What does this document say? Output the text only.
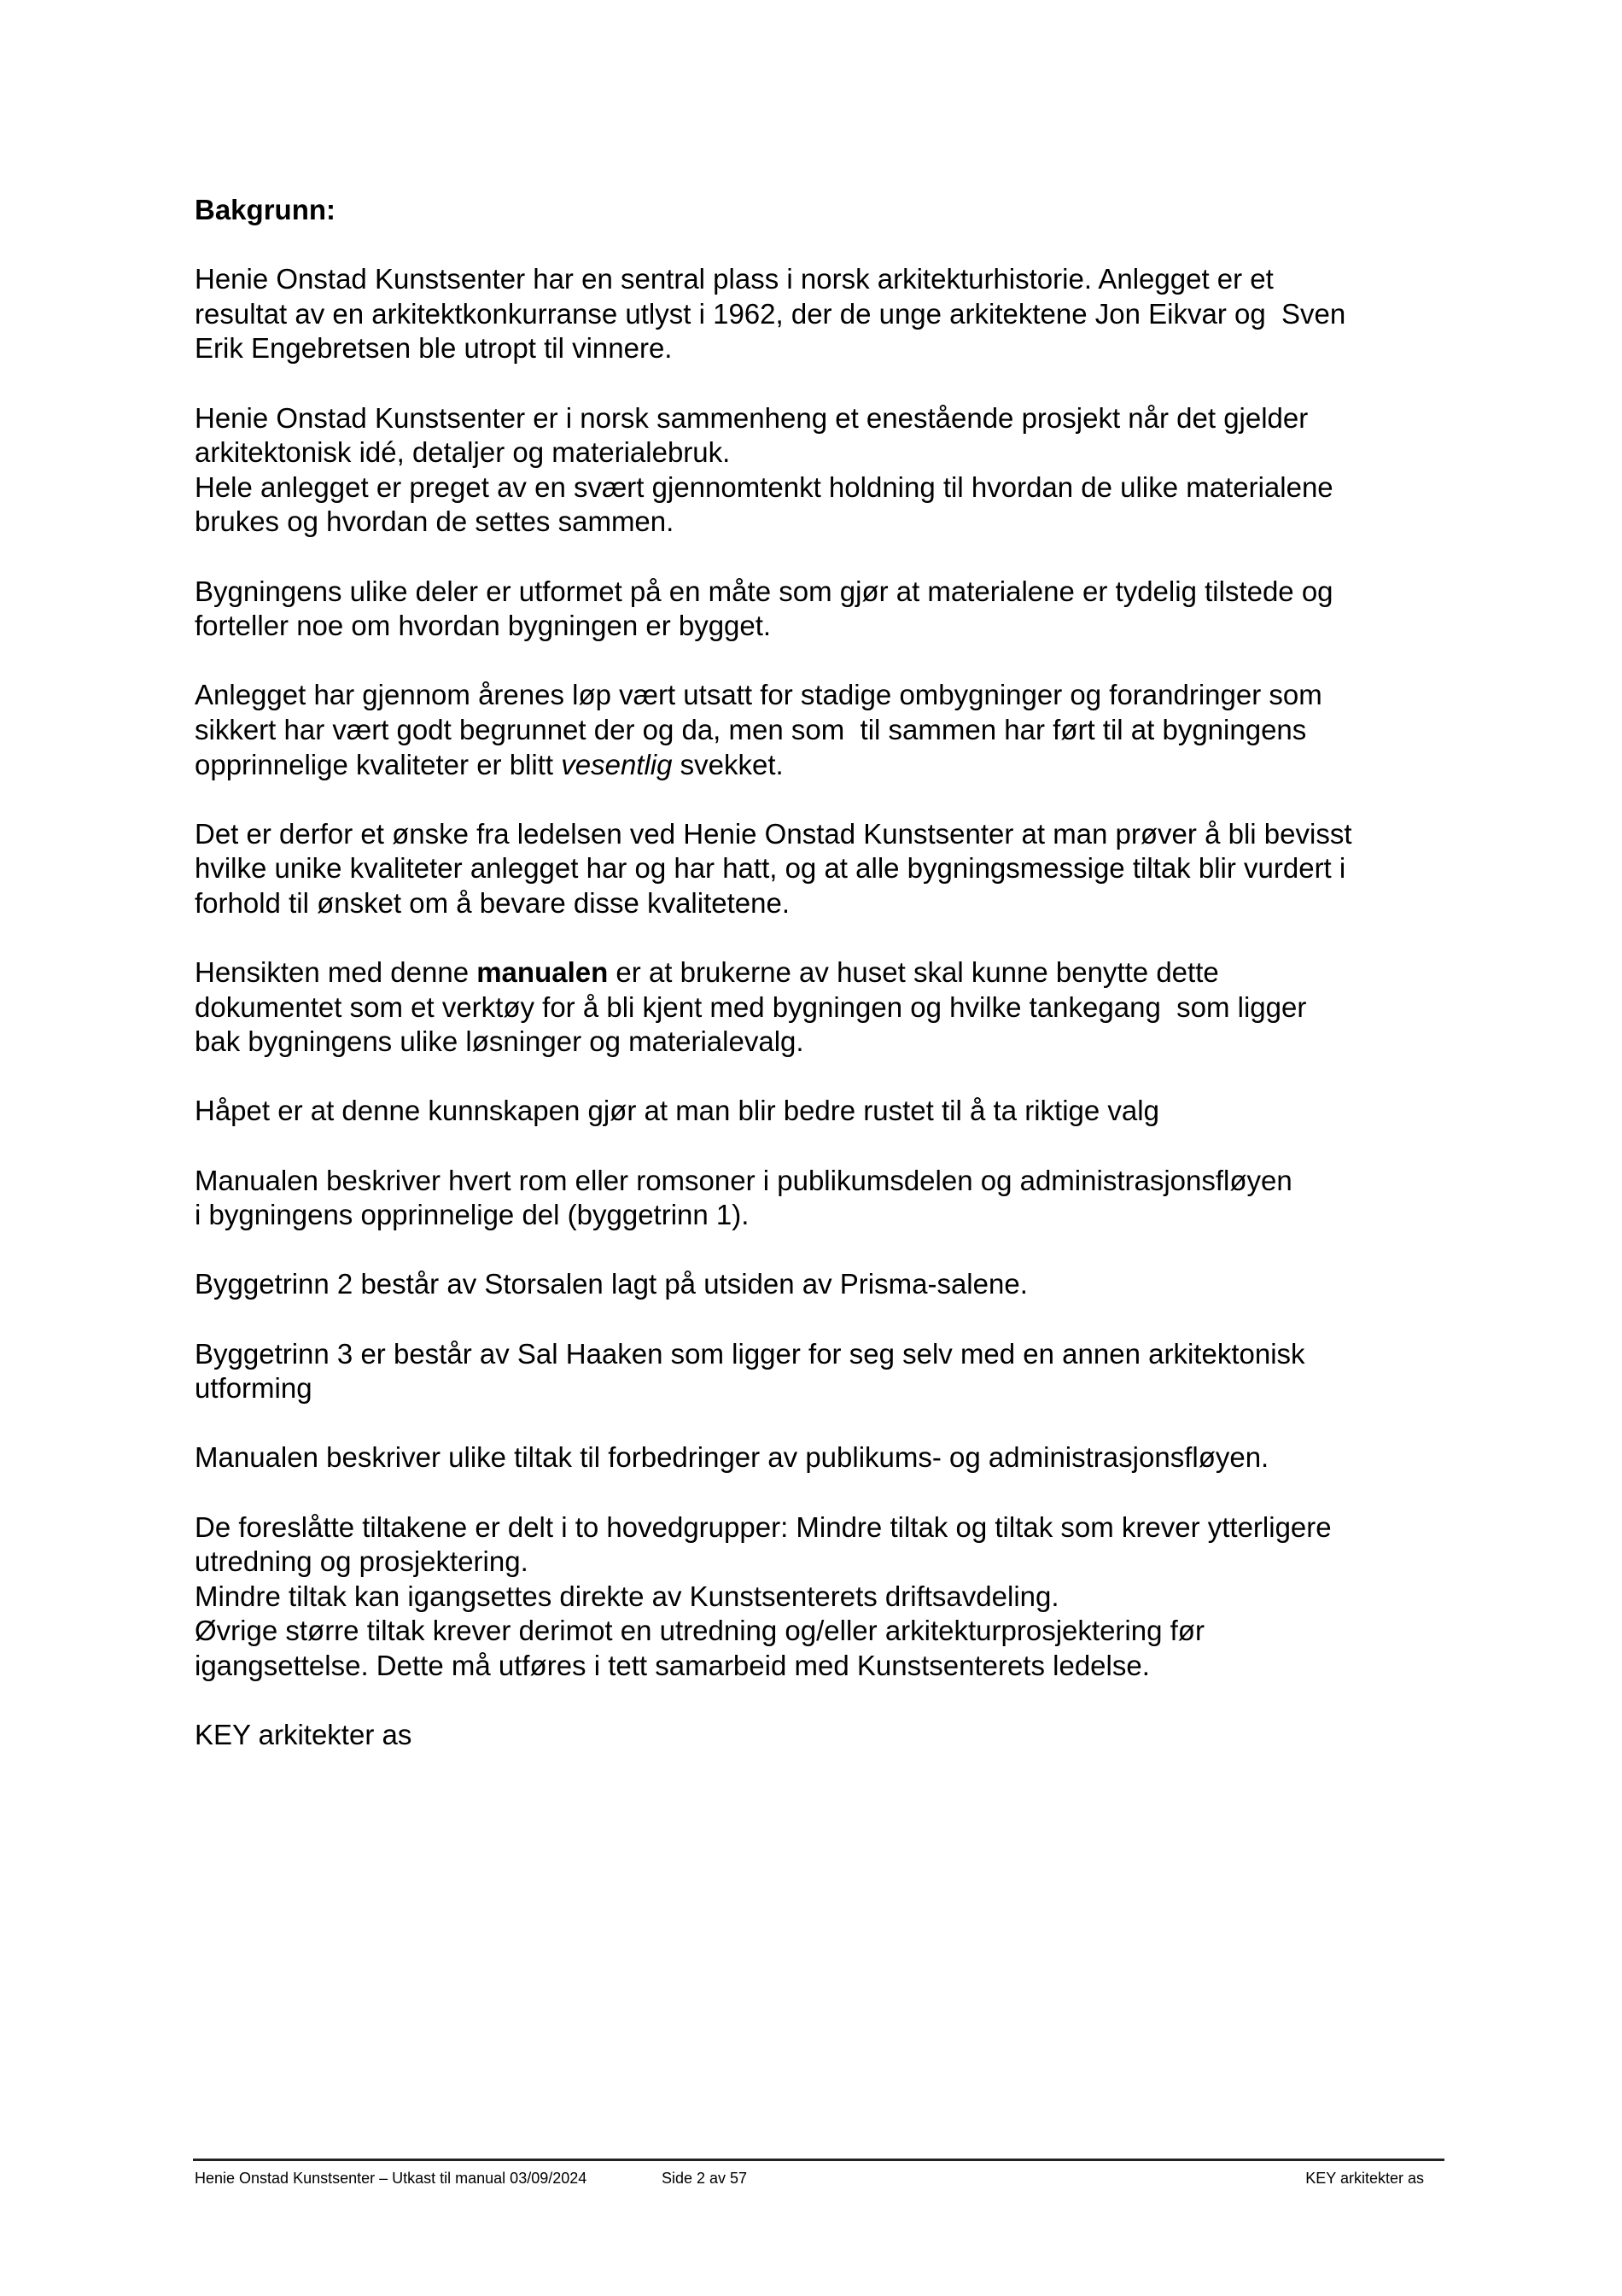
Bakgrunn:
Henie Onstad Kunstsenter har en sentral plass i norsk arkitekturhistorie. Anlegget er et
resultat av en arkitektkonkurranse utlyst i 1962, der de unge arkitektene Jon Eikvar og  Sven
Erik Engebretsen ble utropt til vinnere.
Henie Onstad Kunstsenter er i norsk sammenheng et enestående prosjekt når det gjelder
arkitektonisk idé, detaljer og materialebruk.
Hele anlegget er preget av en svært gjennomtenkt holdning til hvordan de ulike materialene
brukes og hvordan de settes sammen.
Bygningens ulike deler er utformet på en måte som gjør at materialene er tydelig tilstede og
forteller noe om hvordan bygningen er bygget.
Anlegget har gjennom årenes løp vært utsatt for stadige ombygninger og forandringer som
sikkert har vært godt begrunnet der og da, men som  til sammen har ført til at bygningens
opprinnelige kvaliteter er blitt vesentlig svekket.
Det er derfor et ønske fra ledelsen ved Henie Onstad Kunstsenter at man prøver å bli bevisst
hvilke unike kvaliteter anlegget har og har hatt, og at alle bygningsmessige tiltak blir vurdert i
forhold til ønsket om å bevare disse kvalitetene.
Hensikten med denne manualen er at brukerne av huset skal kunne benytte dette
dokumentet som et verktøy for å bli kjent med bygningen og hvilke tankegang  som ligger
bak bygningens ulike løsninger og materialevalg.
Håpet er at denne kunnskapen gjør at man blir bedre rustet til å ta riktige valg
Manualen beskriver hvert rom eller romsoner i publikumsdelen og administrasjonsfløyen
i bygningens opprinnelige del (byggetrinn 1).
Byggetrinn 2 består av Storsalen lagt på utsiden av Prisma-salene.
Byggetrinn 3 er består av Sal Haaken som ligger for seg selv med en annen arkitektonisk
utforming
Manualen beskriver ulike tiltak til forbedringer av publikums- og administrasjonsfløyen.
De foreslåtte tiltakene er delt i to hovedgrupper: Mindre tiltak og tiltak som krever ytterligere
utredning og prosjektering.
Mindre tiltak kan igangsettes direkte av Kunstsenterets driftsavdeling.
Øvrige større tiltak krever derimot en utredning og/eller arkitekturprosjektering før
igangsettelse. Dette må utføres i tett samarbeid med Kunstsenterets ledelse.
KEY arkitekter as
Henie Onstad Kunstsenter – Utkast til manual 03/09/2024	Side 2 av 57	KEY arkitekter as
